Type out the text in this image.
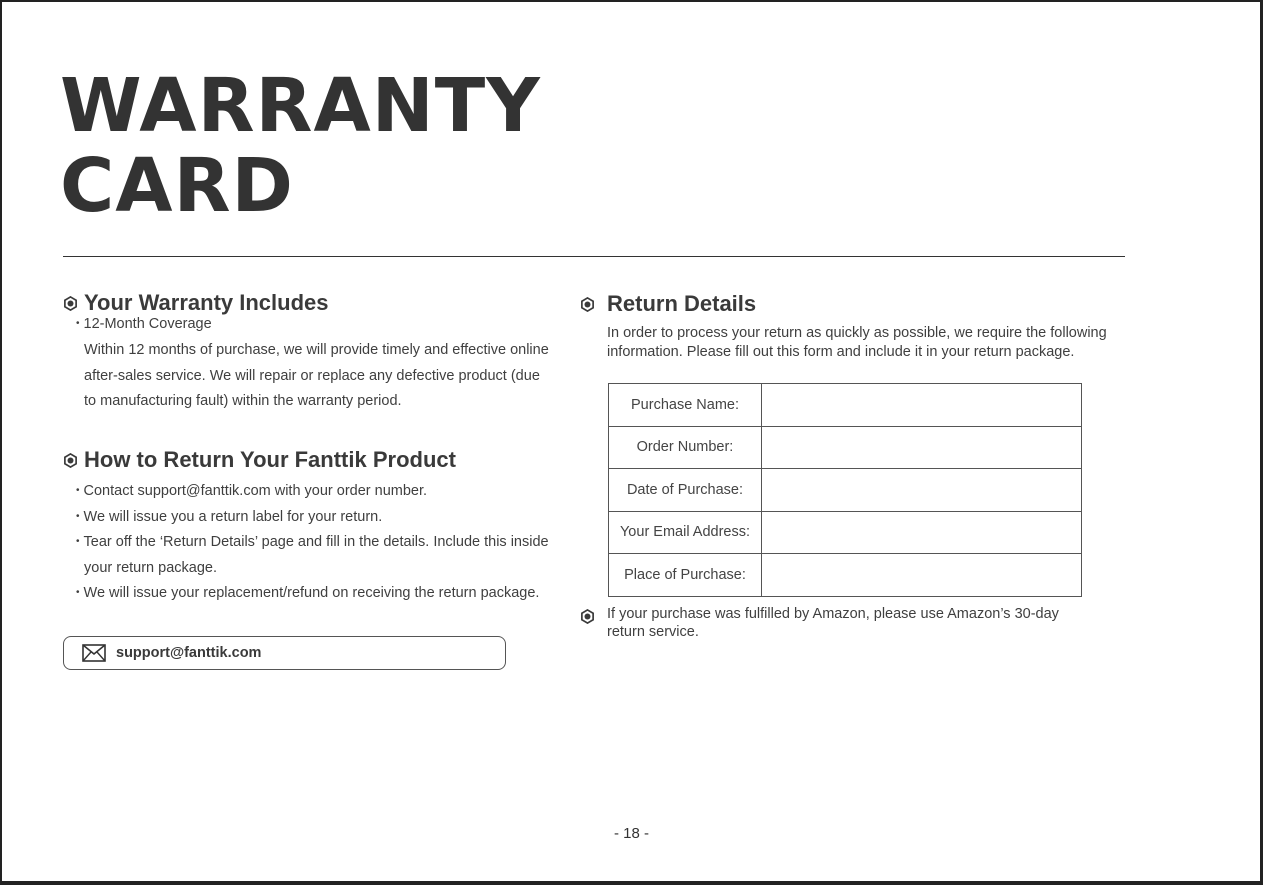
WARRANTY
CARD
Your Warranty Includes
• 12-Month Coverage
Within 12 months of purchase, we will provide timely and effective online
after-sales service. We will repair or replace any defective product (due
to manufacturing fault) within the warranty period.
How to Return Your Fanttik Product
• Contact support@fanttik.com with your order number.
• We will issue you a return label for your return.
• Tear off the ‘Return Details’ page and fill in the details. Include this inside
your return package.
• We will issue your replacement/refund on receiving the return package.
support@fanttik.com
Return Details
In order to process your return as quickly as possible, we require the following
information. Please fill out this form and include it in your return package.
Purchase Name:	
Order Number:	
Date of Purchase:	
Your Email Address:	
Place of Purchase:	
If your purchase was fulfilled by Amazon, please use Amazon’s 30-day
return service.
- 18 -
